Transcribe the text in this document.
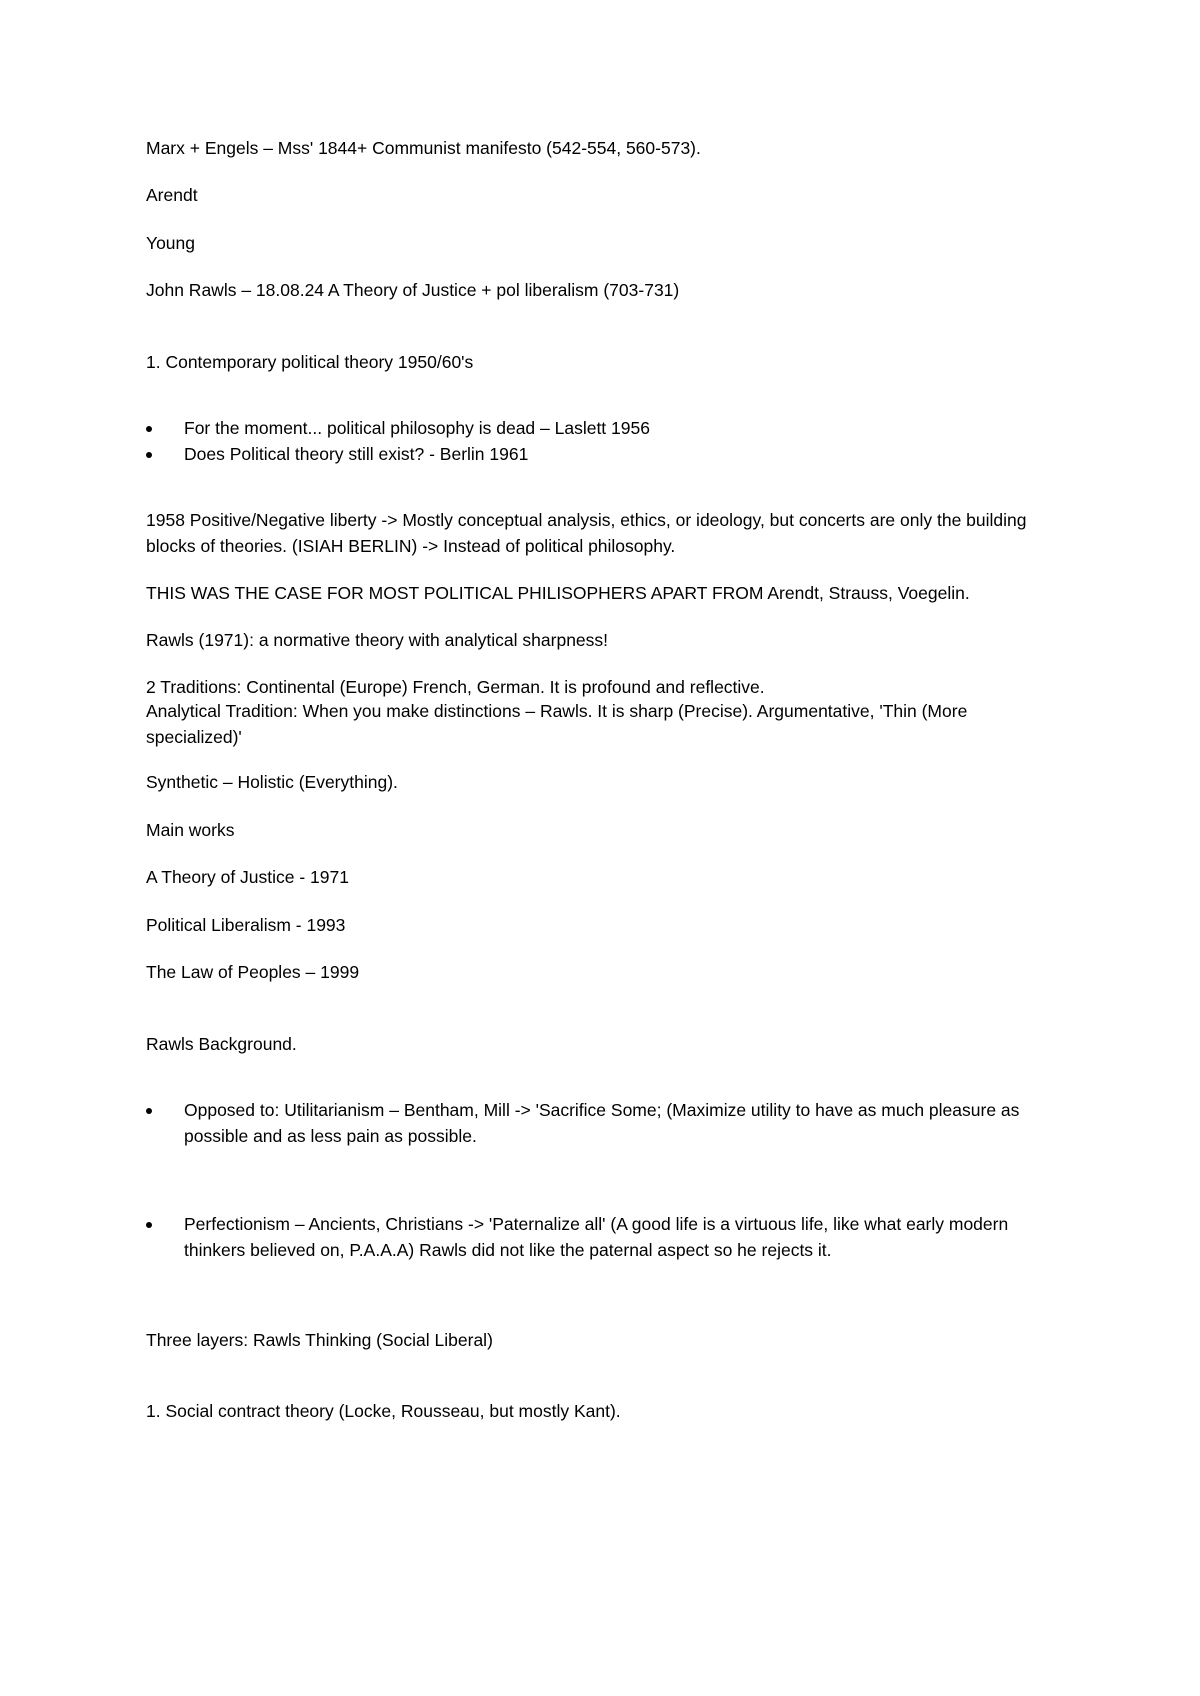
Marx + Engels – Mss' 1844+ Communist manifesto (542-554, 560-573).
Arendt
Young
John Rawls – 18.08.24 A Theory of Justice + pol liberalism (703-731)
1. Contemporary political theory 1950/60's
For the moment... political philosophy is dead – Laslett 1956
Does Political theory still exist? - Berlin 1961
1958 Positive/Negative liberty -> Mostly conceptual analysis, ethics, or ideology, but concerts are only the building blocks of theories. (ISIAH BERLIN) -> Instead of political philosophy.
THIS WAS THE CASE FOR MOST POLITICAL PHILISOPHERS APART FROM Arendt, Strauss, Voegelin.
Rawls (1971): a normative theory with analytical sharpness!
2 Traditions: Continental (Europe) French, German. It is profound and reflective.
Analytical Tradition: When you make distinctions – Rawls. It is sharp (Precise). Argumentative, 'Thin (More specialized)'
Synthetic – Holistic (Everything).
Main works
A Theory of Justice - 1971
Political Liberalism - 1993
The Law of Peoples – 1999
Rawls Background.
Opposed to: Utilitarianism – Bentham, Mill -> 'Sacrifice Some; (Maximize utility to have as much pleasure as possible and as less pain as possible.
Perfectionism – Ancients, Christians -> 'Paternalize all' (A good life is a virtuous life, like what early modern thinkers believed on, P.A.A.A) Rawls did not like the paternal aspect so he rejects it.
Three layers: Rawls Thinking (Social Liberal)
1. Social contract theory (Locke, Rousseau, but mostly Kant).
